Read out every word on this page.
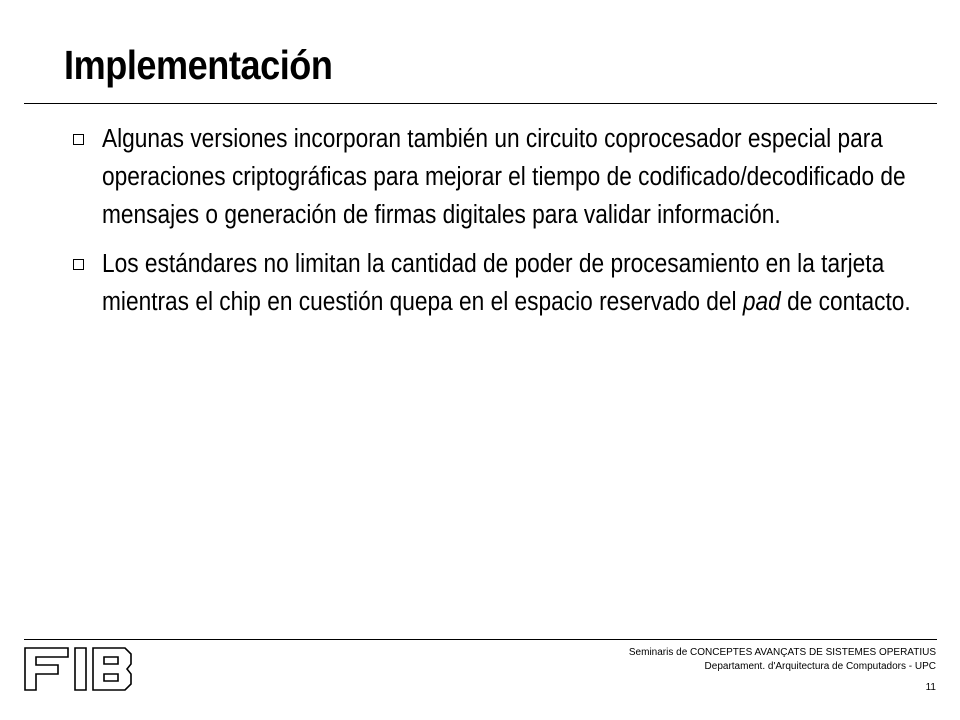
Implementación
Algunas versiones incorporan también un circuito coprocesador especial para operaciones criptográficas para mejorar el tiempo de codificado/decodificado de mensajes o generación de firmas digitales para validar información.
Los estándares no limitan la cantidad de poder de procesamiento en la tarjeta mientras el chip en cuestión quepa en el espacio reservado del pad de contacto.
Seminaris de CONCEPTES AVANÇATS DE SISTEMES OPERATIUS
Departament. d'Arquitectura de Computadors - UPC
11
